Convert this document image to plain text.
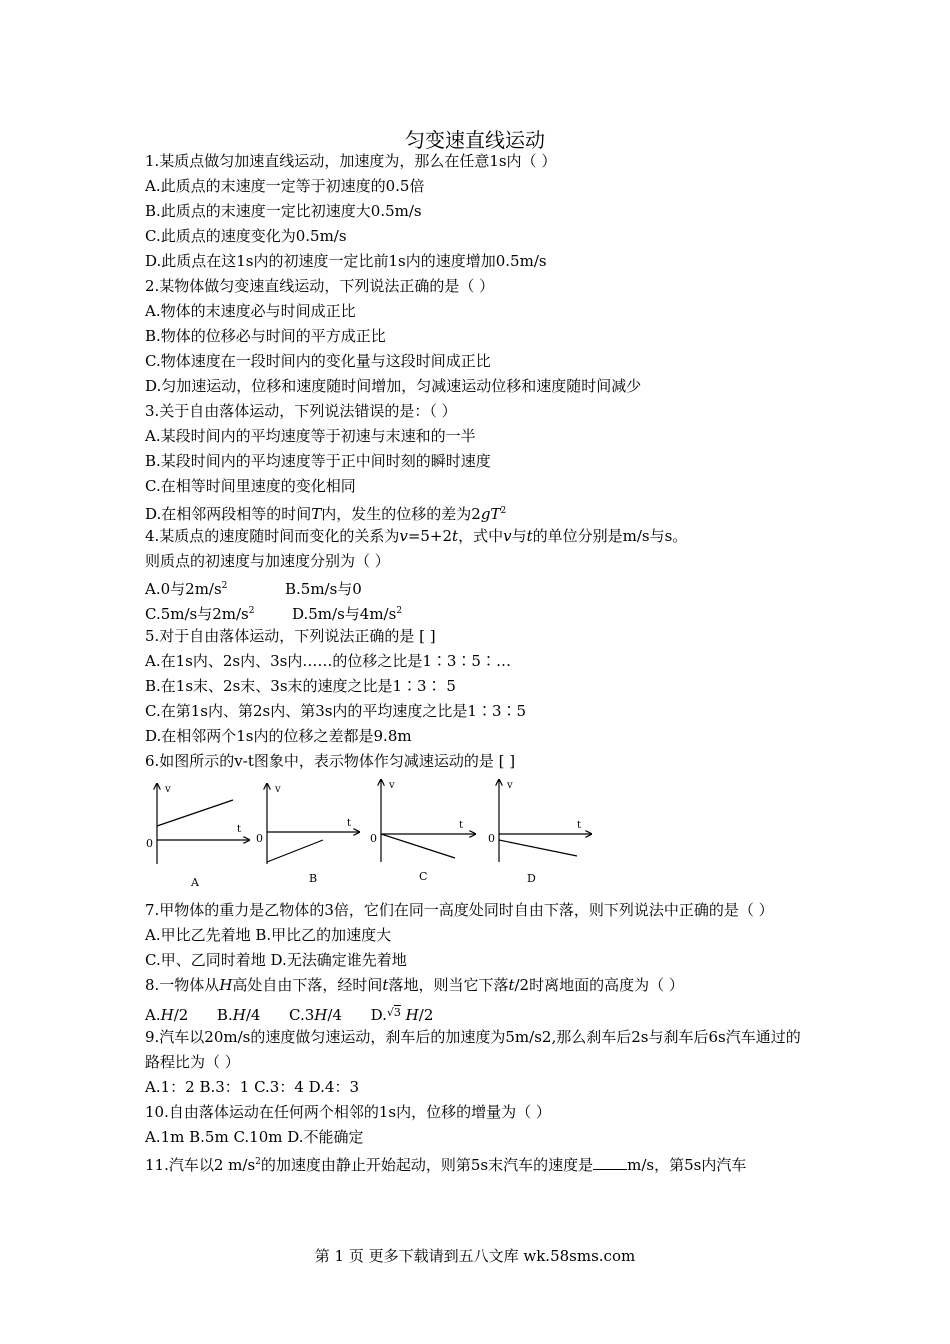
匀变速直线运动
1.某质点做匀加速直线运动，加速度为，那么在任意1s内（ ）
A.此质点的末速度一定等于初速度的0.5倍
B.此质点的末速度一定比初速度大0.5m/s
C.此质点的速度变化为0.5m/s
D.此质点在这1s内的初速度一定比前1s内的速度增加0.5m/s
2.某物体做匀变速直线运动，下列说法正确的是（ ）
A.物体的末速度必与时间成正比
B.物体的位移必与时间的平方成正比
C.物体速度在一段时间内的变化量与这段时间成正比
D.匀加速运动，位移和速度随时间增加，匀减速运动位移和速度随时间减少
3.关于自由落体运动，下列说法错误的是：（ ）
A.某段时间内的平均速度等于初速与末速和的一半
B.某段时间内的平均速度等于正中间时刻的瞬时速度
C.在相等时间里速度的变化相同
D.在相邻两段相等的时间T内，发生的位移的差为$2gT^2$
4.某质点的速度随时间而变化的关系为v=5+2t，式中v与t的单位分别是m/s与s。
则质点的初速度与加速度分别为（ ）
A.0与$2m/s^2$	B.5m/s与0
C.5m/s与$2m/s^2$	D.5m/s与$4m/s^2$
5.对于自由落体运动，下列说法正确的是 [ ]
A.在1s内、2s内、3s内……的位移之比是1∶3∶5∶…
B.在1s末、2s末、3s末的速度之比是1∶3∶ 5
C.在第1s内、第2s内、第3s内的平均速度之比是1∶3∶5
D.在相邻两个1s内的位移之差都是9.8m
6.如图所示的v-t图象中，表示物体作匀减速运动的是 [ ]
v
t
0
A
v
t
0
B
v
t
0
C
v
t
0
D
7.甲物体的重力是乙物体的3倍，它们在同一高度处同时自由下落，则下列说法中正确的是（ ）
A.甲比乙先着地 B.甲比乙的加速度大
C.甲、乙同时着地 D.无法确定谁先着地
8.一物体从H高处自由下落，经时间t落地，则当它下落t/2时离地面的高度为（ ）
A.H/2 B.H/4 C.3H/4 D.$^{√3}$ H/2
9.汽车以20m/s的速度做匀速运动，刹车后的加速度为5m/s2,那么刹车后2s与刹车后6s汽车通过的路程比为（ ）
A.1：2 B.3：1 C.3：4 D.4：3
10.自由落体运动在任何两个相邻的1s内，位移的增量为（ ）
A.1m B.5m C.10m D.不能确定
11.汽车以2 $m/s^2$的加速度由静止开始起动，则第5s末汽车的速度是 m/s，第5s内汽车
第 1 页 更多下载请到五八文库 wk.58sms.com
